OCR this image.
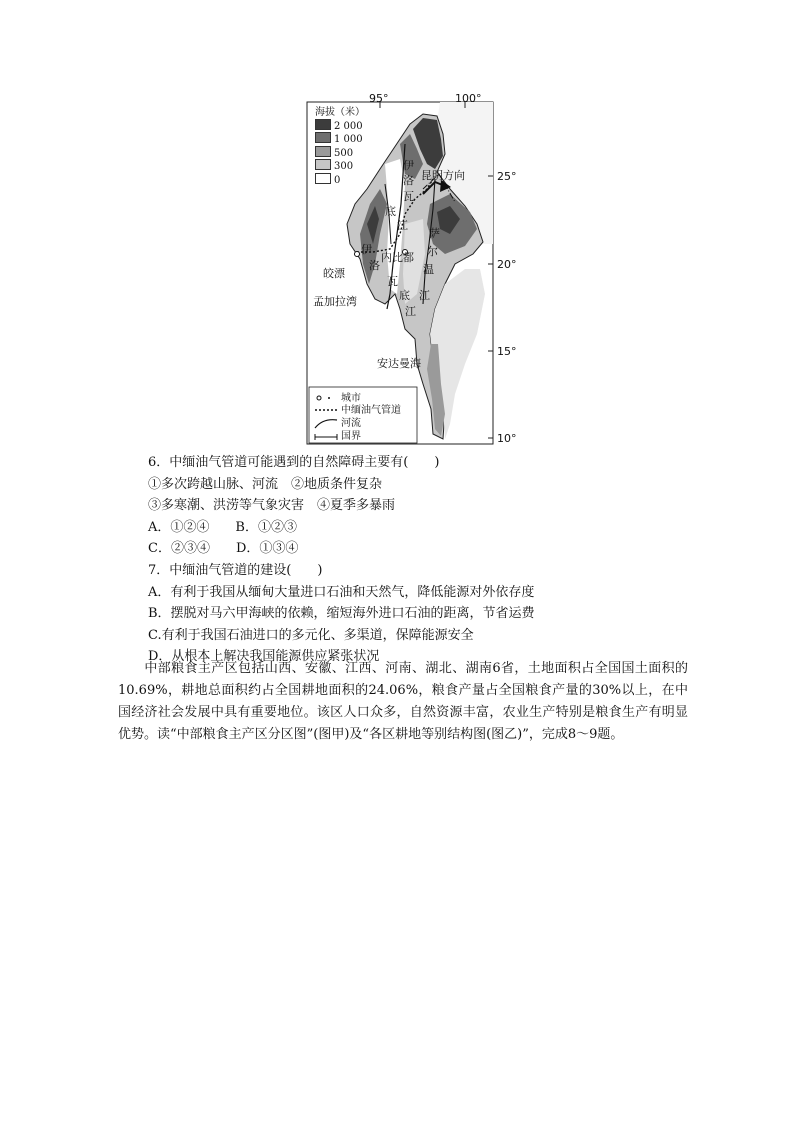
95°	100°
25°
20°
15°
10°
海拔（米）
2 000
1 000
500
300
0	昆明方向
伊
洛
瓦
底
江
萨
尔
温
江
伊
洛
瓦
底
江
内比都
皎漂
孟加拉湾
安达曼海
城市
中缅油气管道
河流
国界
6．中缅油气管道可能遇到的自然障碍主要有(　　)
①多次跨越山脉、河流　②地质条件复杂
③多寒潮、洪涝等气象灾害　④夏季多暴雨
A．①②④　　B．①②③
C．②③④　　D．①③④
7．中缅油气管道的建设(　　)
A．有利于我国从缅甸大量进口石油和天然气，降低能源对外依存度
B．摆脱对马六甲海峡的依赖，缩短海外进口石油的距离，节省运费
C.有利于我国石油进口的多元化、多渠道，保障能源安全
D．从根本上解决我国能源供应紧张状况
中部粮食主产区包括山西、安徽、江西、河南、湖北、湖南6省，土地面积占全国国土面积的10.69%，耕地总面积约占全国耕地面积的24.06%，粮食产量占全国粮食产量的30%以上，在中国经济社会发展中具有重要地位。该区人口众多，自然资源丰富，农业生产特别是粮食生产有明显优势。读“中部粮食主产区分区图”(图甲)及“各区耕地等别结构图(图乙)”，完成8～9题。
